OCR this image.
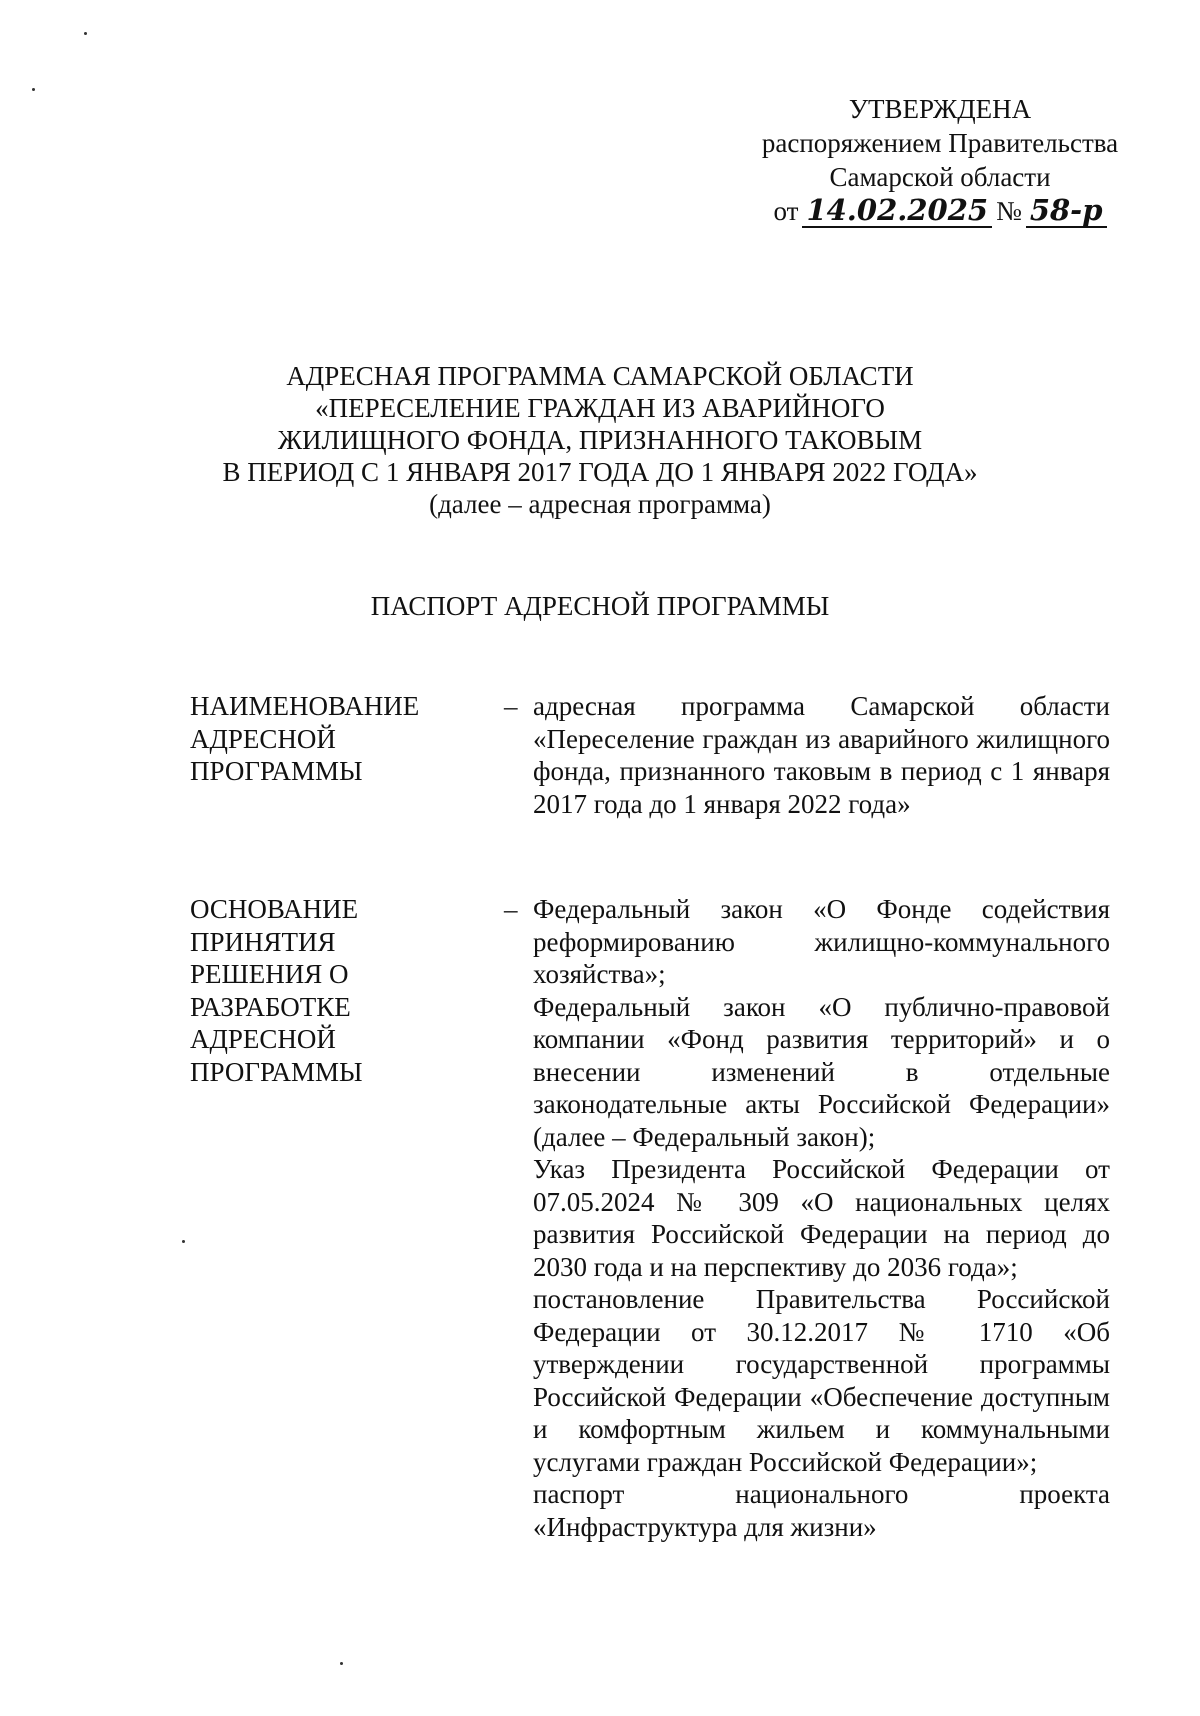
УТВЕРЖДЕНА
распоряжением Правительства
Самарской области
от 14.02.2025 № 58-р
АДРЕСНАЯ ПРОГРАММА САМАРСКОЙ ОБЛАСТИ
«ПЕРЕСЕЛЕНИЕ ГРАЖДАН ИЗ АВАРИЙНОГО
ЖИЛИЩНОГО ФОНДА, ПРИЗНАННОГО ТАКОВЫМ
В ПЕРИОД С 1 ЯНВАРЯ 2017 ГОДА ДО 1 ЯНВАРЯ 2022 ГОДА»
(далее – адресная программа)
ПАСПОРТ АДРЕСНОЙ ПРОГРАММЫ
НАИМЕНОВАНИЕ
АДРЕСНОЙ
ПРОГРАММЫ
– адресная программа Самарской области «Переселение граждан из аварийного жилищного фонда, признанного таковым в период с 1 января 2017 года до 1 января 2022 года»

ОСНОВАНИЕ
ПРИНЯТИЯ
РЕШЕНИЯ О
РАЗРАБОТКЕ
АДРЕСНОЙ
ПРОГРАММЫ
– Федеральный закон «О Фонде содействия реформированию жилищно-коммунального хозяйства»;

Федеральный закон «О публично-правовой компании «Фонд развития территорий» и о внесении изменений в отдельные законодательные акты Российской Федерации» (далее – Федеральный закон);

Указ Президента Российской Федерации от 07.05.2024 № 309 «О национальных целях развития Российской Федерации на период до 2030 года и на перспективу до 2036 года»;

постановление Правительства Российской Федерации от 30.12.2017 № 1710 «Об утверждении государственной программы Российской Федерации «Обеспечение доступным и комфортным жильем и коммунальными услугами граждан Российской Федерации»;

паспорт национального проекта «Инфраструктура для жизни»
